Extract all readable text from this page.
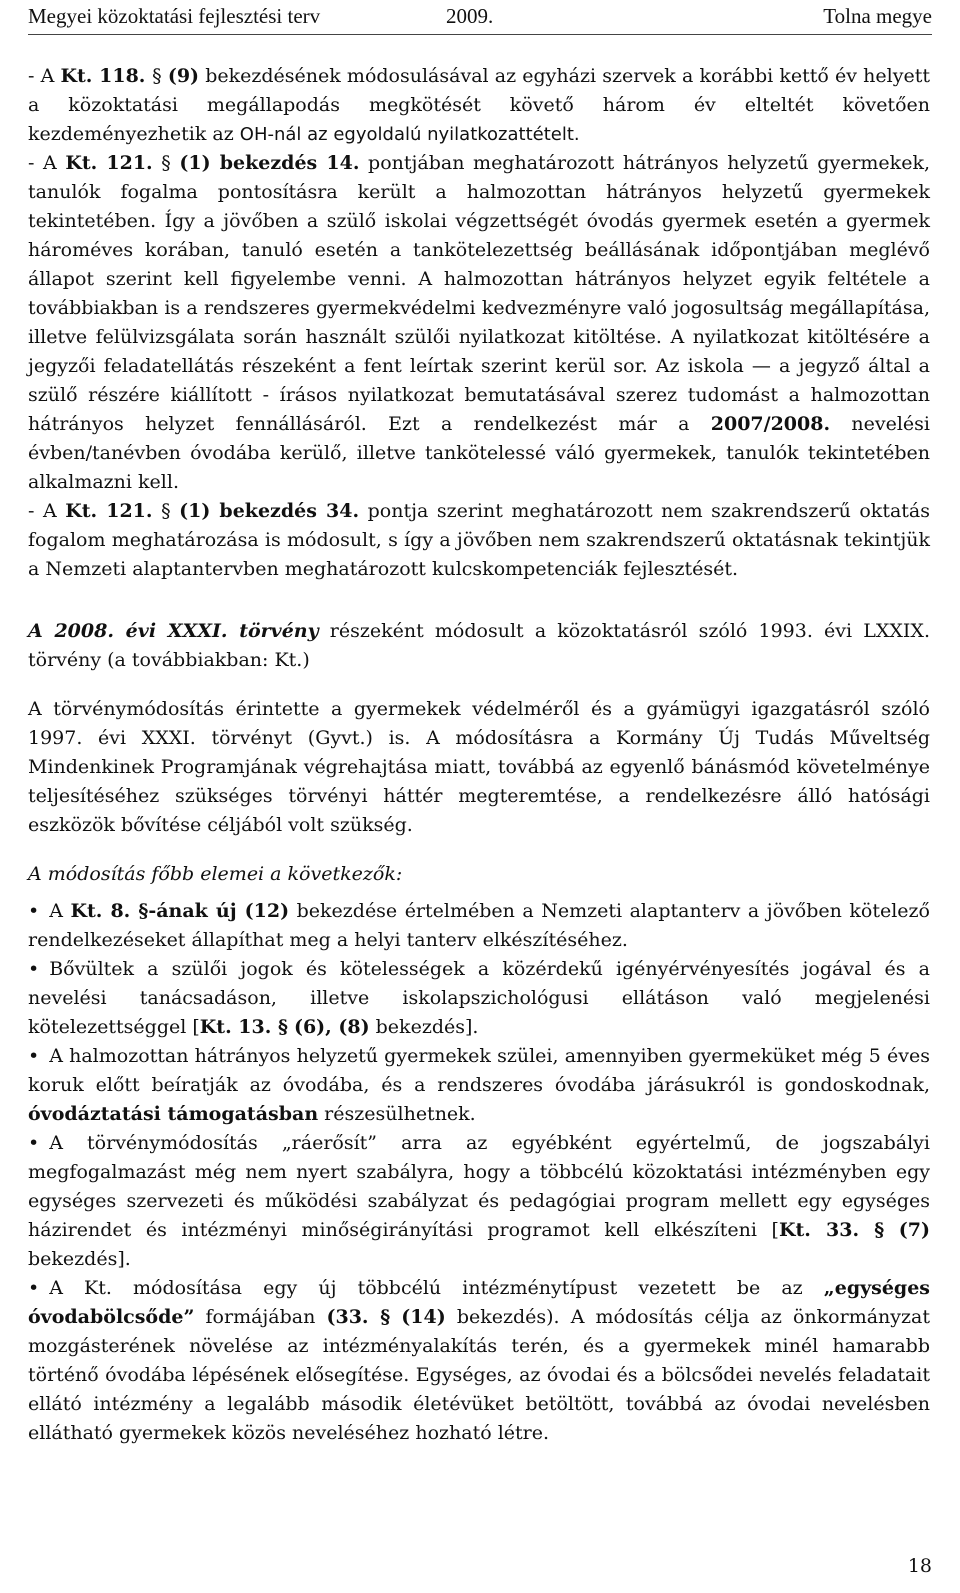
Megyei közoktatási fejlesztési terv	2009.	Tolna megye

- A Kt. 118. § (9) bekezdésének módosulásával az egyházi szervek a korábbi kettő év helyett a közoktatási megállapodás megkötését követő három év elteltét követően kezdeményezhetik az OH-nál az egyoldalú nyilatkozattételt.

- A Kt. 121. § (1) bekezdés 14. pontjában meghatározott hátrányos helyzetű gyermekek, tanulók fogalma pontosításra került a halmozottan hátrányos helyzetű gyermekek tekintetében. Így a jövőben a szülő iskolai végzettségét óvodás gyermek esetén a gyermek hároméves korában, tanuló esetén a tankötelezettség beállásának időpontjában meglévő állapot szerint kell figyelembe venni. A halmozottan hátrányos helyzet egyik feltétele a továbbiakban is a rendszeres gyermekvédelmi kedvezményre való jogosultság megállapítása, illetve felülvizsgálata során használt szülői nyilatkozat kitöltése. A nyilatkozat kitöltésére a jegyzői feladatellátás részeként a fent leírtak szerint kerül sor. Az iskola — a jegyző által a szülő részére kiállított - írásos nyilatkozat bemutatásával szerez tudomást a halmozottan hátrányos helyzet fennállásáról. Ezt a rendelkezést már a 2007/2008. nevelési évben/tanévben óvodába kerülő, illetve tankötelessé váló gyermekek, tanulók tekintetében alkalmazni kell.

- A Kt. 121. § (1) bekezdés 34. pontja szerint meghatározott nem szakrendszerű oktatás fogalom meghatározása is módosult, s így a jövőben nem szakrendszerű oktatásnak tekintjük a Nemzeti alaptantervben meghatározott kulcskompetenciák fejlesztését.

A 2008. évi XXXI. törvény részeként módosult a közoktatásról szóló 1993. évi LXXIX. törvény (a továbbiakban: Kt.)

A törvénymódosítás érintette a gyermekek védelméről és a gyámügyi igazgatásról szóló 1997. évi XXXI. törvényt (Gyvt.) is. A módosításra a Kormány Új Tudás Műveltség Mindenkinek Programjának végrehajtása miatt, továbbá az egyenlő bánásmód követelménye teljesítéséhez szükséges törvényi háttér megteremtése, a rendelkezésre álló hatósági eszközök bővítése céljából volt szükség.

A módosítás főbb elemei a következők:

• A Kt. 8. §-ának új (12) bekezdése értelmében a Nemzeti alaptanterv a jövőben kötelező rendelkezéseket állapíthat meg a helyi tanterv elkészítéséhez.

• Bővültek a szülői jogok és kötelességek a közérdekű igényérvényesítés jogával és a nevelési tanácsadáson, illetve iskolapszichológusi ellátáson való megjelenési kötelezettséggel [Kt. 13. § (6), (8) bekezdés].

• A halmozottan hátrányos helyzetű gyermekek szülei, amennyiben gyermeküket még 5 éves koruk előtt beíratják az óvodába, és a rendszeres óvodába járásukról is gondoskodnak, óvodáztatási támogatásban részesülhetnek.

• A törvénymódosítás „ráerősít” arra az egyébként egyértelmű, de jogszabályi megfogalmazást még nem nyert szabályra, hogy a többcélú közoktatási intézményben egy egységes szervezeti és működési szabályzat és pedagógiai program mellett egy egységes házirendet és intézményi minőségirányítási programot kell elkészíteni [Kt. 33. § (7) bekezdés].

• A Kt. módosítása egy új többcélú intézménytípust vezetett be az „egységes óvodabölcsőde” formájában (33. § (14) bekezdés). A módosítás célja az önkormányzat mozgásterének növelése az intézményalakítás terén, és a gyermekek minél hamarabb történő óvodába lépésének elősegítése. Egységes, az óvodai és a bölcsődei nevelés feladatait ellátó intézmény a legalább második életévüket betöltött, továbbá az óvodai nevelésben ellátható gyermekek közös neveléséhez hozható létre.

18
